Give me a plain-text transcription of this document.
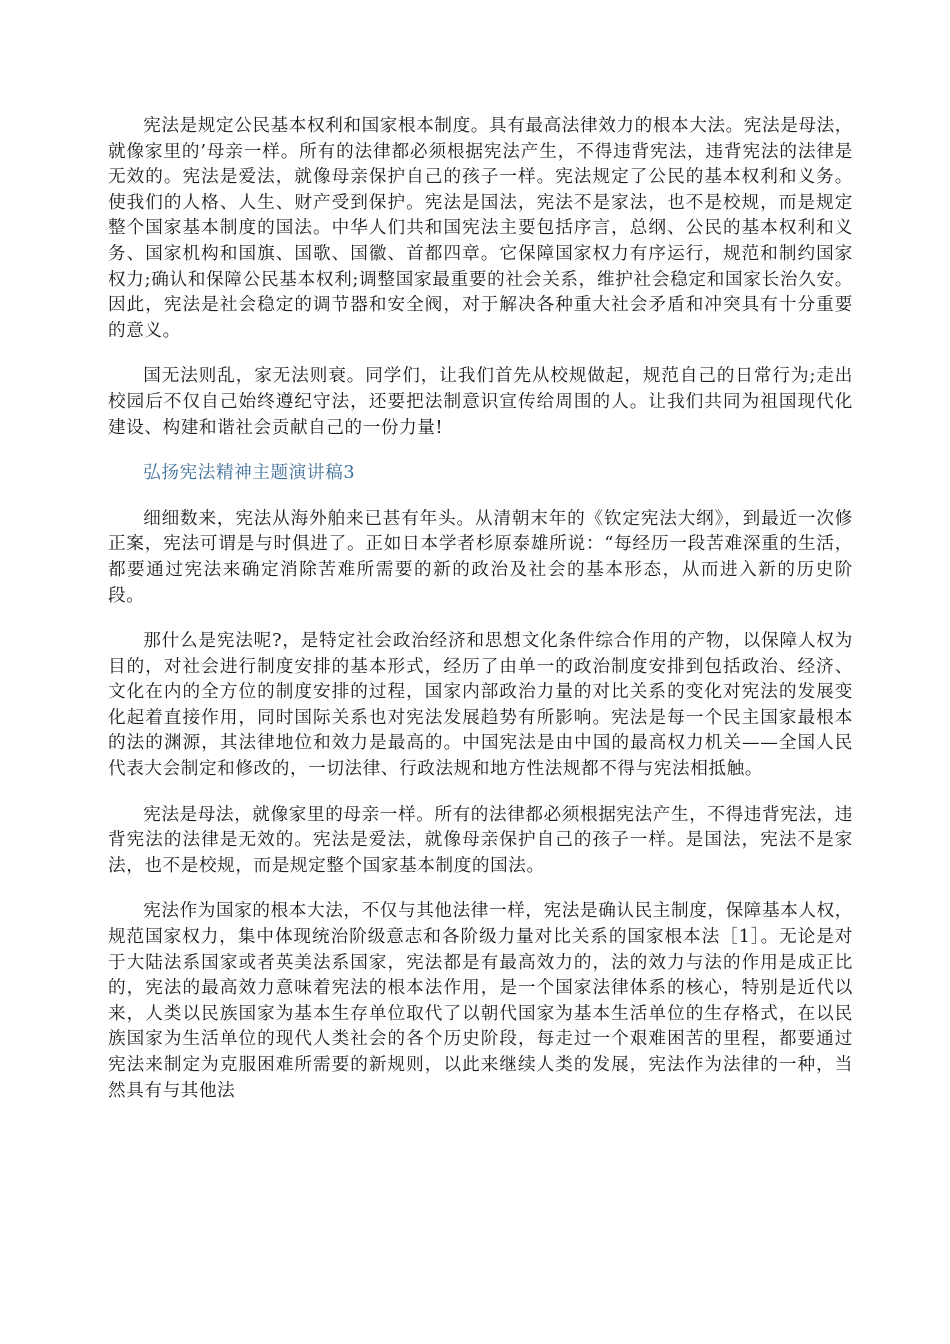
宪法是规定公民基本权利和国家根本制度。具有最高法律效力的根本大法。宪法是母法，就像家里的’母亲一样。所有的法律都必须根据宪法产生，不得违背宪法，违背宪法的法律是无效的。宪法是爱法，就像母亲保护自己的孩子一样。宪法规定了公民的基本权利和义务。使我们的人格、人生、财产受到保护。宪法是国法，宪法不是家法，也不是校规，而是规定整个国家基本制度的国法。中华人们共和国宪法主要包括序言，总纲、公民的基本权利和义务、国家机构和国旗、国歌、国徽、首都四章。它保障国家权力有序运行，规范和制约国家权力;确认和保障公民基本权利;调整国家最重要的社会关系，维护社会稳定和国家长治久安。因此，宪法是社会稳定的调节器和安全阀，对于解决各种重大社会矛盾和冲突具有十分重要的意义。

国无法则乱，家无法则衰。同学们，让我们首先从校规做起，规范自己的日常行为;走出校园后不仅自己始终遵纪守法，还要把法制意识宣传给周围的人。让我们共同为祖国现代化建设、构建和谐社会贡献自己的一份力量!

弘扬宪法精神主题演讲稿3

细细数来，宪法从海外舶来已甚有年头。从清朝末年的《钦定宪法大纲》，到最近一次修正案，宪法可谓是与时俱进了。正如日本学者杉原泰雄所说：“每经历一段苦难深重的生活，都要通过宪法来确定消除苦难所需要的新的政治及社会的基本形态，从而进入新的历史阶段。

那什么是宪法呢?，是特定社会政治经济和思想文化条件综合作用的产物，以保障人权为目的，对社会进行制度安排的基本形式，经历了由单一的政治制度安排到包括政治、经济、文化在内的全方位的制度安排的过程，国家内部政治力量的对比关系的变化对宪法的发展变化起着直接作用，同时国际关系也对宪法发展趋势有所影响。宪法是每一个民主国家最根本的法的渊源，其法律地位和效力是最高的。中国宪法是由中国的最高权力机关——全国人民代表大会制定和修改的，一切法律、行政法规和地方性法规都不得与宪法相抵触。

宪法是母法，就像家里的母亲一样。所有的法律都必须根据宪法产生，不得违背宪法，违背宪法的法律是无效的。宪法是爱法，就像母亲保护自己的孩子一样。是国法，宪法不是家法，也不是校规，而是规定整个国家基本制度的国法。

宪法作为国家的根本大法，不仅与其他法律一样，宪法是确认民主制度，保障基本人权，规范国家权力，集中体现统治阶级意志和各阶级力量对比关系的国家根本法［1］。无论是对于大陆法系国家或者英美法系国家，宪法都是有最高效力的，法的效力与法的作用是成正比的，宪法的最高效力意味着宪法的根本法作用，是一个国家法律体系的核心，特别是近代以来，人类以民族国家为基本生存单位取代了以朝代国家为基本生活单位的生存格式，在以民族国家为生活单位的现代人类社会的各个历史阶段，每走过一个艰难困苦的里程，都要通过宪法来制定为克服困难所需要的新规则，以此来继续人类的发展，宪法作为法律的一种，当然具有与其他法
